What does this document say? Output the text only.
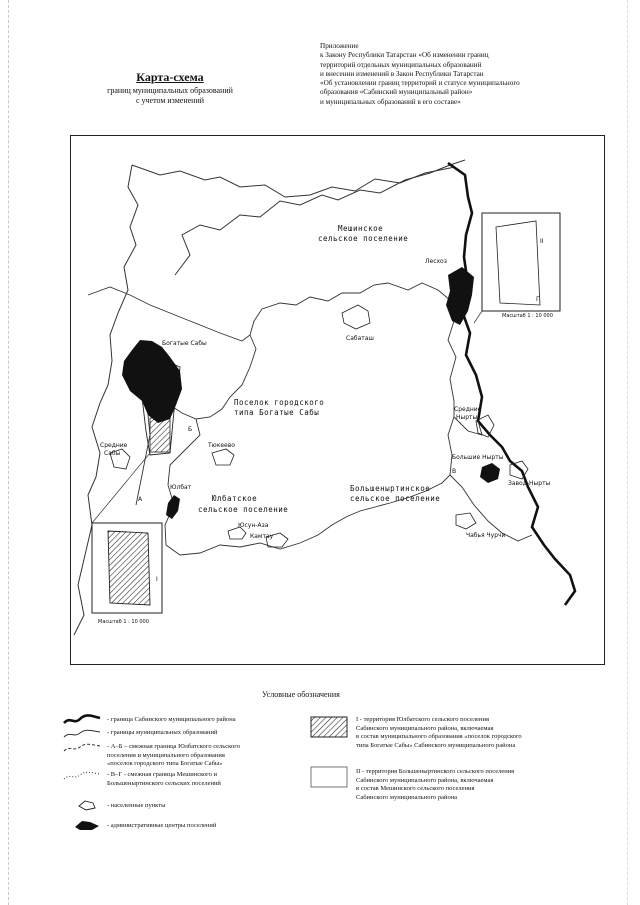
Карта-схема
границ муниципальных образований
с учетом изменений
Приложение
к Закону Республики Татарстан «Об изменении границ
территорий отдельных муниципальных образований
и внесении изменений в Закон Республики Татарстан
«Об установлении границ территорий и статусе муниципального
образования «Сабинский муниципальный район»
и муниципальных образований в его составе»
Мешинское
сельское поселение
Поселок городского
типа Богатые Сабы
Юлбатское
сельское поселение
Большеныртинское
сельское поселение
Богатые Сабы
Средние
Сабы
Тюкеево
Юлбат
Юсун-Аза
Камтау
Сабаташ
Лесхоз
Средние
Нырты
Большие Нырты
Завод-Нырты
Чабья Чурчи
А
Б
В
Г
I
II
Масштаб 1 : 10 000
Масштаб 1 : 10 000
Условные обозначения
- граница Сабинского муниципального района
- границы муниципальных образований
- А–Б – смежная граница Юлбатского сельского
поселения и муниципального образования
«поселок городского типа Богатые Сабы»
- В–Г - смежная граница Мешинского и
Большеныртинского сельских поселений
- населенные пункты
- административные центры поселений
I - территория Юлбатского сельского поселения
Сабинского муниципального района, включаемая
в состав муниципального образования «поселок городского
типа Богатые Сабы» Сабинского муниципального района
II - территория Большеныртинского сельского поселения
Сабинского муниципального района, включаемая
в состав Мешинского сельского поселения
Сабинского муниципального района
